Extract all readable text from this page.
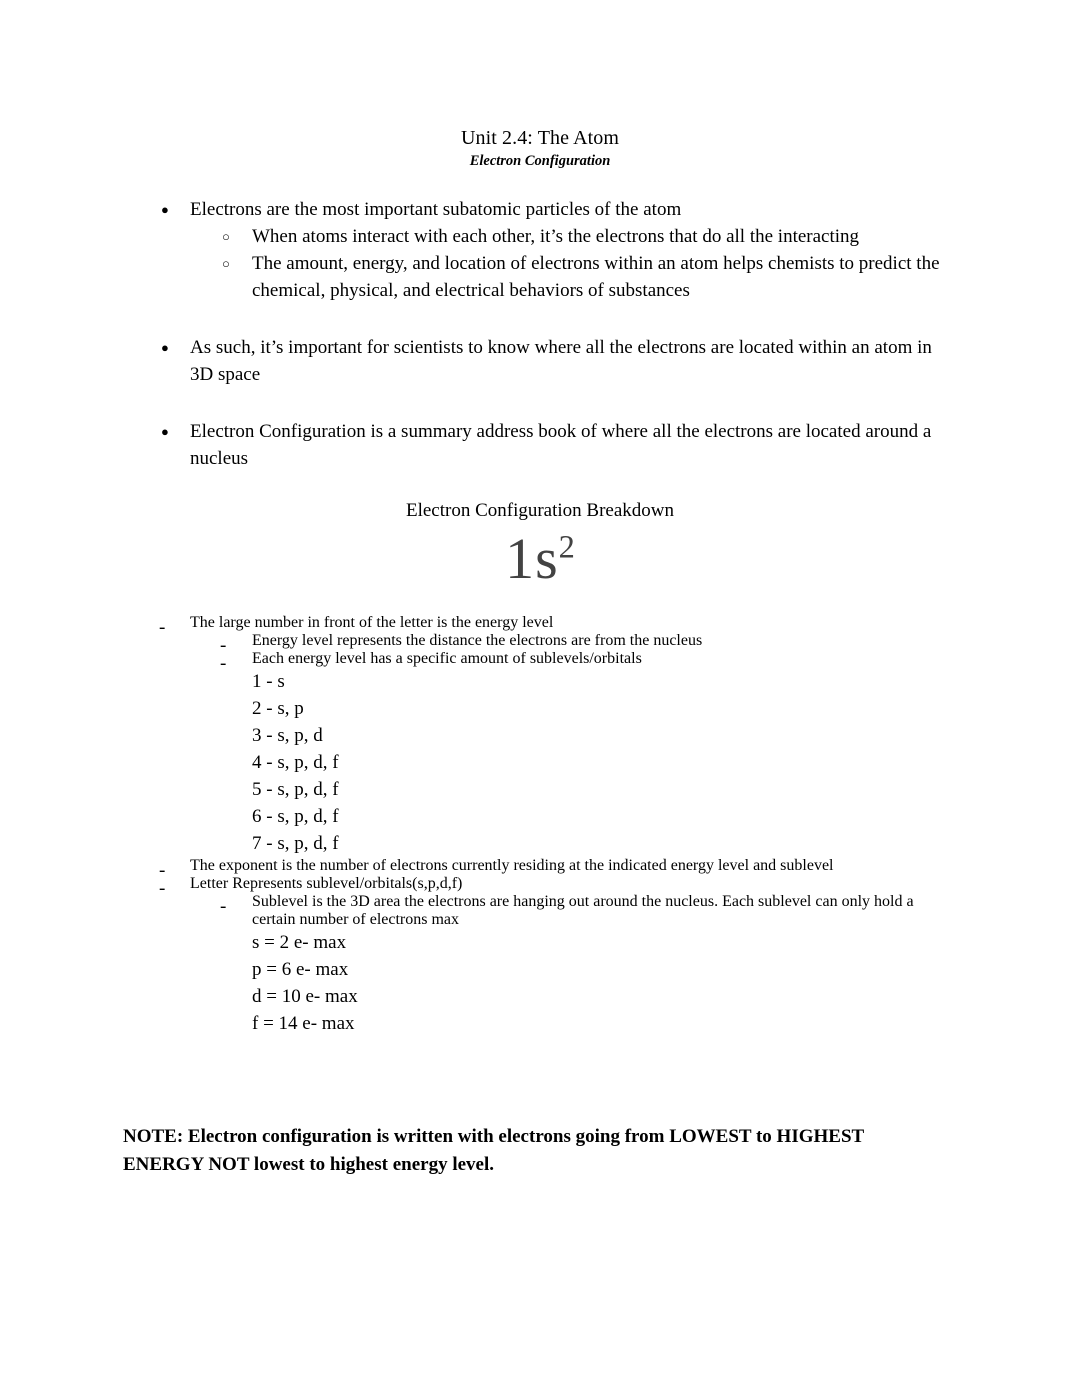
Unit 2.4: The Atom
Electron Configuration
●	Electrons are the most important subatomic particles of the atom
○	When atoms interact with each other, it’s the electrons that do all the interacting
○	The amount, energy, and location of electrons within an atom helps chemists to predict the chemical, physical, and electrical behaviors of substances
●	As such, it’s important for scientists to know where all the electrons are located within an atom in 3D space
●	Electron Configuration is a summary address book of where all the electrons are located around a nucleus
Electron Configuration Breakdown
$1s^2$
-	The large number in front of the letter is the energy level
-	Energy level represents the distance the electrons are from the nucleus
-	Each energy level has a specific amount of sublevels/orbitals
1 - s
2 - s, p
3 - s, p, d
4 - s, p, d, f
5 - s, p, d, f
6 - s, p, d, f
7 - s, p, d, f
-	The exponent is the number of electrons currently residing at the indicated energy level and sublevel
-	Letter Represents sublevel/orbitals(s,p,d,f)
-	Sublevel is the 3D area the electrons are hanging out around the nucleus. Each sublevel can only hold a certain number of electrons max
s = 2 e- max
p = 6 e- max
d = 10 e- max
f = 14 e- max
NOTE: Electron configuration is written with electrons going from LOWEST to HIGHEST ENERGY NOT lowest to highest energy level.
